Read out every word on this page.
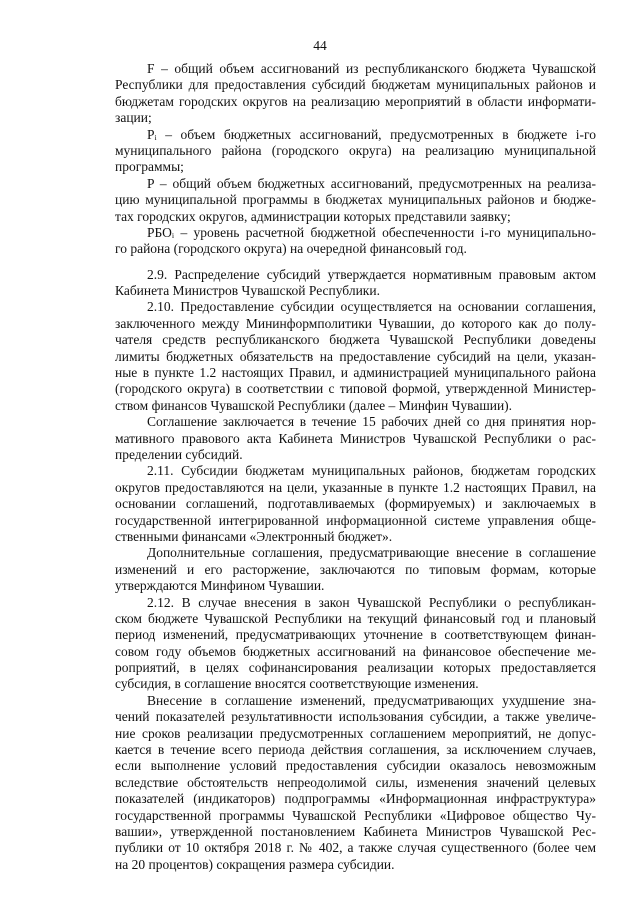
44

F – общий объем ассигнований из республиканского бюджета Чувашской
Республики для предоставления субсидий бюджетам муниципальных районов и
бюджетам городских округов на реализацию мероприятий в области информати-
зации;

Pᵢ – объем бюджетных ассигнований, предусмотренных в бюджете i-го
муниципального района (городского округа) на реализацию муниципальной
программы;

P – общий объем бюджетных ассигнований, предусмотренных на реализа-
цию муниципальной программы в бюджетах муниципальных районов и бюдже-
тах городских округов, администрации которых представили заявку;

РБОᵢ – уровень расчетной бюджетной обеспеченности i-го муниципально-
го района (городского округа) на очередной финансовый год.

2.9. Распределение субсидий утверждается нормативным правовым актом
Кабинета Министров Чувашской Республики.

2.10. Предоставление субсидии осуществляется на основании соглашения,
заключенного между Mининформполитики Чувашии, до которого как до полу-
чателя средств республиканского бюджета Чувашской Республики доведены
лимиты бюджетных обязательств на предоставление субсидий на цели, указан-
ные в пункте 1.2 настоящих Правил, и администрацией муниципального района
(городского округа) в соответствии с типовой формой, утвержденной Министер-
ством финансов Чувашской Республики (далее – Минфин Чувашии).

Соглашение заключается в течение 15 рабочих дней со дня принятия нор-
мативного правового акта Кабинета Министров Чувашской Республики о рас-
пределении субсидий.

2.11. Субсидии бюджетам муниципальных районов, бюджетам городских
округов предоставляются на цели, указанные в пункте 1.2 настоящих Правил, на
основании соглашений, подготавливаемых (формируемых) и заключаемых в
государственной интегрированной информационной системе управления обще-
ственными финансами «Электронный бюджет».

Дополнительные соглашения, предусматривающие внесение в соглашение
изменений и его расторжение, заключаются по типовым формам, которые
утверждаются Минфином Чувашии.

2.12. В случае внесения в закон Чувашской Республики о республикан-
ском бюджете Чувашской Республики на текущий финансовый год и плановый
период изменений, предусматривающих уточнение в соответствующем финан-
совом году объемов бюджетных ассигнований на финансовое обеспечение ме-
роприятий, в целях софинансирования реализации которых предоставляется
субсидия, в соглашение вносятся соответствующие изменения.

Внесение в соглашение изменений, предусматривающих ухудшение зна-
чений показателей результативности использования субсидии, а также увеличе-
ние сроков реализации предусмотренных соглашением мероприятий, не допус-
кается в течение всего периода действия соглашения, за исключением случаев,
если выполнение условий предоставления субсидии оказалось невозможным
вследствие обстоятельств непреодолимой силы, изменения значений целевых
показателей (индикаторов) подпрограммы «Информационная инфраструктура»
государственной программы Чувашской Республики «Цифровое общество Чу-
вашии», утвержденной постановлением Кабинета Министров Чувашской Рес-
публики от 10 октября 2018 г. № 402, а также случая существенного (более чем
на 20 процентов) сокращения размера субсидии.
